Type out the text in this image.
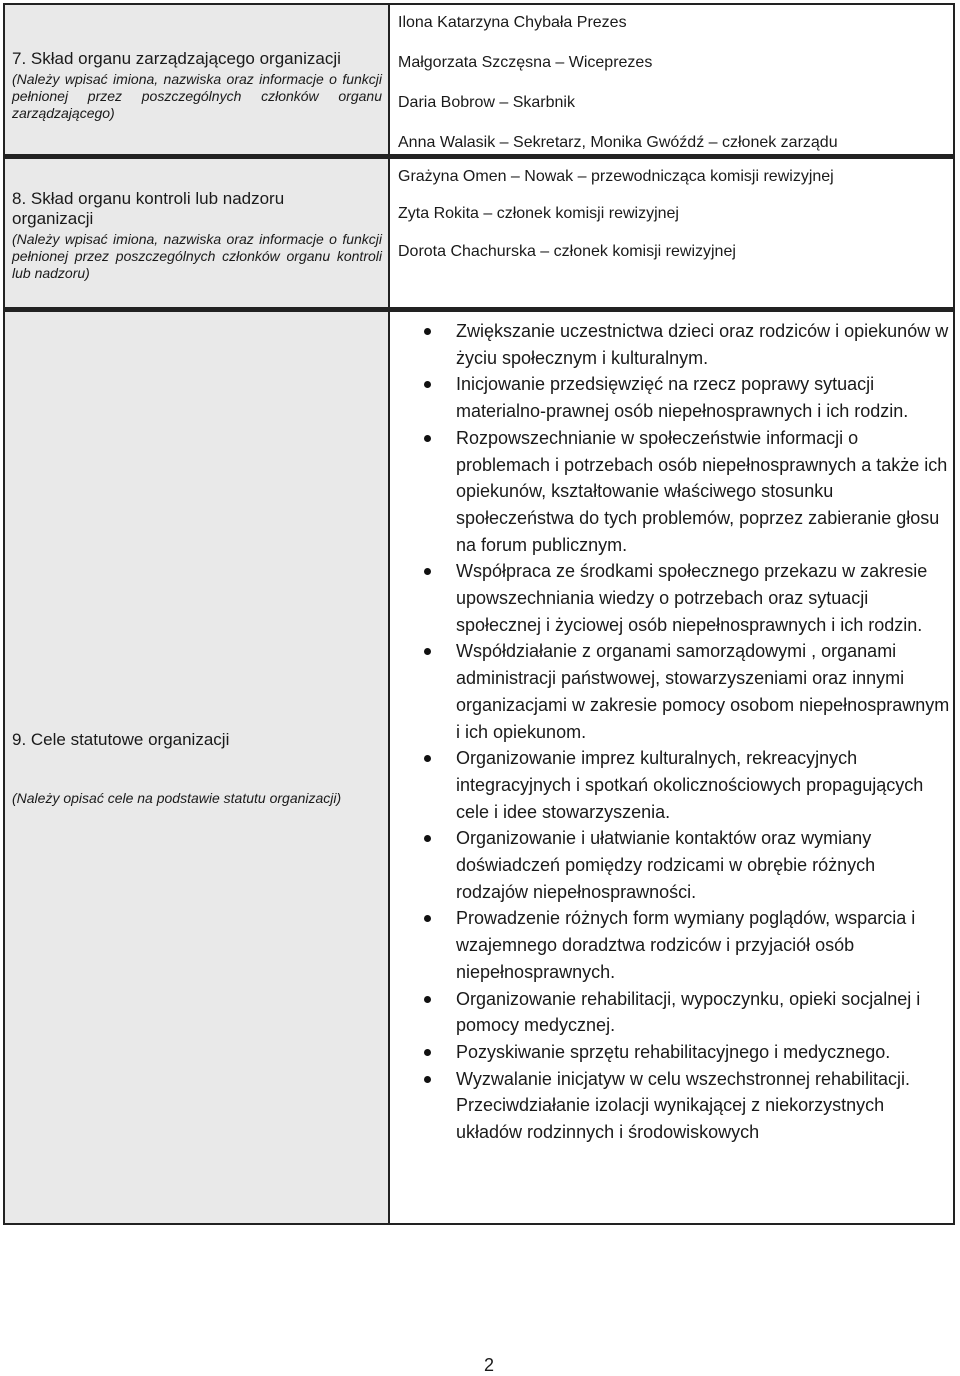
7. Skład organu zarządzającego organizacji
(Należy wpisać imiona, nazwiska oraz informacje o funkcji pełnionej przez poszczególnych członków organu zarządzającego)
Ilona Katarzyna Chybała Prezes
Małgorzata Szczęsna – Wiceprezes
Daria Bobrow – Skarbnik
Anna Walasik – Sekretarz, Monika Gwóźdź – członek zarządu
8. Skład organu kontroli lub nadzoru organizacji
(Należy wpisać imiona, nazwiska oraz informacje o funkcji pełnionej przez poszczególnych członków organu kontroli lub nadzoru)
Grażyna Omen – Nowak – przewodnicząca komisji rewizyjnej
Zyta Rokita – członek komisji rewizyjnej
Dorota Chachurska – członek komisji rewizyjnej
9. Cele statutowe organizacji
(Należy opisać cele na podstawie statutu organizacji)
Zwiększanie uczestnictwa dzieci oraz rodziców i opiekunów w życiu społecznym i kulturalnym.
Inicjowanie przedsięwzięć na rzecz poprawy sytuacji materialno-prawnej osób niepełnosprawnych i ich rodzin.
Rozpowszechnianie w społeczeństwie informacji o problemach i potrzebach osób niepełnosprawnych a także ich opiekunów, kształtowanie właściwego stosunku społeczeństwa do tych problemów, poprzez zabieranie głosu na forum publicznym.
Współpraca ze środkami społecznego przekazu w zakresie upowszechniania wiedzy o potrzebach oraz sytuacji społecznej i życiowej osób niepełnosprawnych i ich rodzin.
Współdziałanie z organami samorządowymi , organami administracji państwowej, stowarzyszeniami oraz innymi organizacjami w zakresie pomocy osobom niepełnosprawnym i ich opiekunom.
Organizowanie imprez kulturalnych, rekreacyjnych integracyjnych i spotkań okolicznościowych propagujących cele i idee stowarzyszenia.
Organizowanie i ułatwianie kontaktów oraz wymiany doświadczeń pomiędzy rodzicami w obrębie różnych rodzajów niepełnosprawności.
Prowadzenie różnych form wymiany poglądów, wsparcia i wzajemnego doradztwa rodziców i przyjaciół osób niepełnosprawnych.
Organizowanie rehabilitacji, wypoczynku, opieki socjalnej i pomocy medycznej.
Pozyskiwanie sprzętu rehabilitacyjnego i medycznego.
Wyzwalanie inicjatyw w celu wszechstronnej rehabilitacji.
Przeciwdziałanie izolacji wynikającej z niekorzystnych układów rodzinnych i środowiskowych
2
